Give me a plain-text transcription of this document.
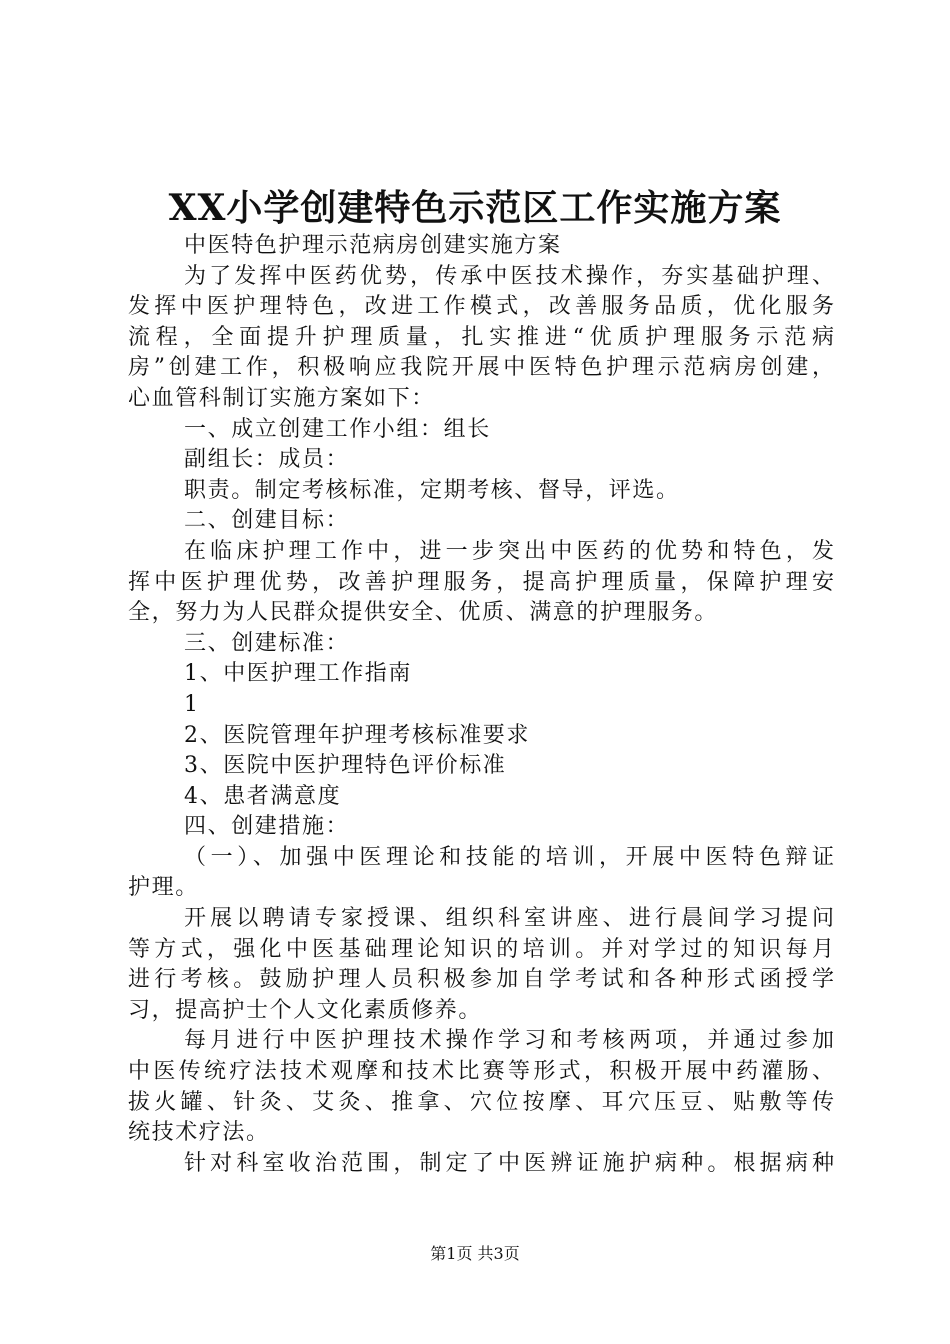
XX小学创建特色示范区工作实施方案
中医特色护理示范病房创建实施方案
为了发挥中医药优势，传承中医技术操作，夯实基础护理、
发挥中医护理特色，改进工作模式，改善服务品质，优化服务
流程，全面提升护理质量，扎实推进“优质护理服务示范病
房”创建工作，积极响应我院开展中医特色护理示范病房创建，
心血管科制订实施方案如下：
一、成立创建工作小组：组长
副组长：成员：
职责。制定考核标准，定期考核、督导，评选。
二、创建目标：
在临床护理工作中，进一步突出中医药的优势和特色，发
挥中医护理优势，改善护理服务，提高护理质量，保障护理安
全，努力为人民群众提供安全、优质、满意的护理服务。
三、创建标准：
1、中医护理工作指南
1
2、医院管理年护理考核标准要求
3、医院中医护理特色评价标准
4、患者满意度
四、创建措施：
（一）、加强中医理论和技能的培训，开展中医特色辩证
护理。
开展以聘请专家授课、组织科室讲座、进行晨间学习提问
等方式，强化中医基础理论知识的培训。并对学过的知识每月
进行考核。鼓励护理人员积极参加自学考试和各种形式函授学
习，提高护士个人文化素质修养。
每月进行中医护理技术操作学习和考核两项，并通过参加
中医传统疗法技术观摩和技术比赛等形式，积极开展中药灌肠、
拔火罐、针灸、艾灸、推拿、穴位按摩、耳穴压豆、贴敷等传
统技术疗法。
针对科室收治范围，制定了中医辨证施护病种。根据病种
第1页 共3页
